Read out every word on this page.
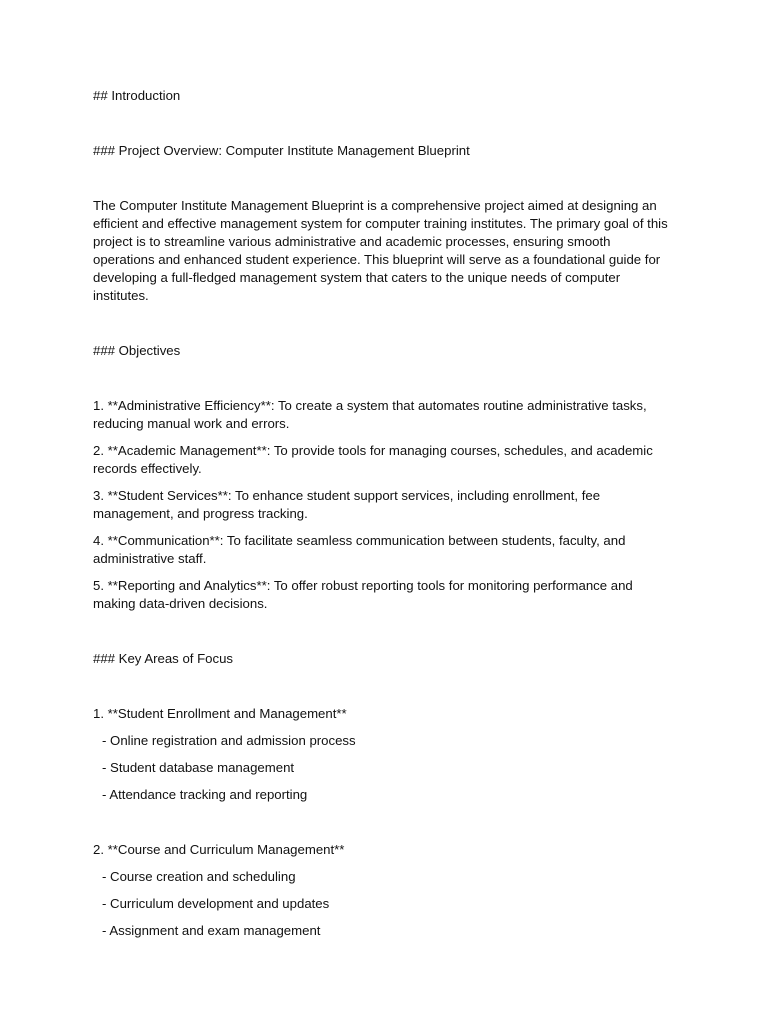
## Introduction

### Project Overview: Computer Institute Management Blueprint

The Computer Institute Management Blueprint is a comprehensive project aimed at designing an efficient and effective management system for computer training institutes. The primary goal of this project is to streamline various administrative and academic processes, ensuring smooth operations and enhanced student experience. This blueprint will serve as a foundational guide for developing a full-fledged management system that caters to the unique needs of computer institutes.

### Objectives

1. **Administrative Efficiency**: To create a system that automates routine administrative tasks, reducing manual work and errors.

2. **Academic Management**: To provide tools for managing courses, schedules, and academic records effectively.

3. **Student Services**: To enhance student support services, including enrollment, fee management, and progress tracking.

4. **Communication**: To facilitate seamless communication between students, faculty, and administrative staff.

5. **Reporting and Analytics**: To offer robust reporting tools for monitoring performance and making data-driven decisions.

### Key Areas of Focus

1. **Student Enrollment and Management**

- Online registration and admission process

- Student database management

- Attendance tracking and reporting

2. **Course and Curriculum Management**

- Course creation and scheduling

- Curriculum development and updates

- Assignment and exam management
